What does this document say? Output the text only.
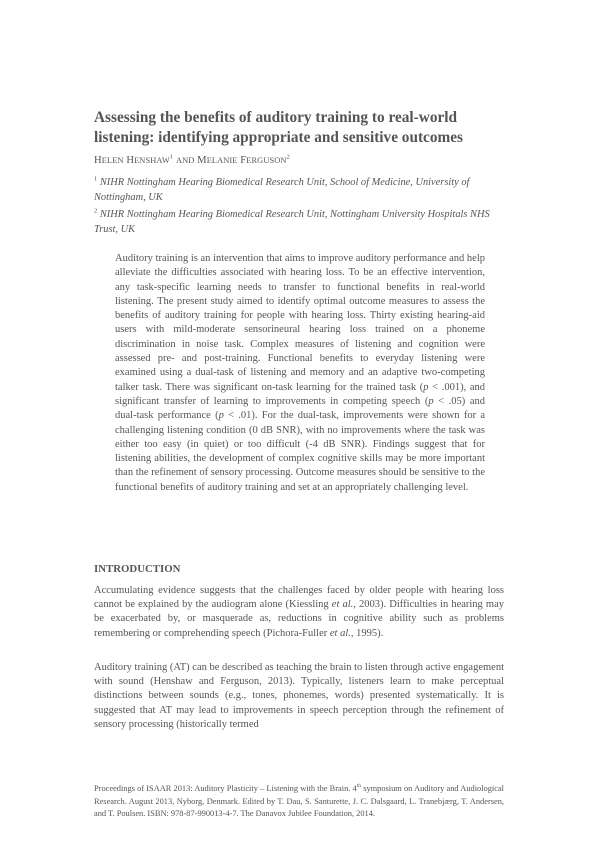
Assessing the benefits of auditory training to real-world listening: identifying appropriate and sensitive outcomes
HELEN HENSHAW$^1$ AND MELANIE FERGUSON$^2$
$^1$ NIHR Nottingham Hearing Biomedical Research Unit, School of Medicine, University of Nottingham, UK
$^2$ NIHR Nottingham Hearing Biomedical Research Unit, Nottingham University Hospitals NHS Trust, UK
Auditory training is an intervention that aims to improve auditory performance and help alleviate the difficulties associated with hearing loss. To be an effective intervention, any task-specific learning needs to transfer to functional benefits in real-world listening. The present study aimed to identify optimal outcome measures to assess the benefits of auditory training for people with hearing loss. Thirty existing hearing-aid users with mild-moderate sensorineural hearing loss trained on a phoneme discrimination in noise task. Complex measures of listening and cognition were assessed pre- and post-training. Functional benefits to everyday listening were examined using a dual-task of listening and memory and an adaptive two-competing talker task. There was significant on-task learning for the trained task (p < .001), and significant transfer of learning to improvements in competing speech (p < .05) and dual-task performance (p < .01). For the dual-task, improvements were shown for a challenging listening condition (0 dB SNR), with no improvements where the task was either too easy (in quiet) or too difficult (-4 dB SNR). Findings suggest that for listening abilities, the development of complex cognitive skills may be more important than the refinement of sensory processing. Outcome measures should be sensitive to the functional benefits of auditory training and set at an appropriately challenging level.
INTRODUCTION

Accumulating evidence suggests that the challenges faced by older people with hearing loss cannot be explained by the audiogram alone (Kiessling et al., 2003). Difficulties in hearing may be exacerbated by, or masquerade as, reductions in cognitive ability such as problems remembering or comprehending speech (Pichora-Fuller et al., 1995).

Auditory training (AT) can be described as teaching the brain to listen through active engagement with sound (Henshaw and Ferguson, 2013). Typically, listeners learn to make perceptual distinctions between sounds (e.g., tones, phonemes, words) presented systematically. It is suggested that AT may lead to improvements in speech perception through the refinement of sensory processing (historically termed

Proceedings of ISAAR 2013: Auditory Plasticity – Listening with the Brain. 4th symposium on Auditory and Audiological Research. August 2013, Nyborg, Denmark. Edited by T. Dau, S. Santurette, J. C. Dalsgaard, L. Tranebjærg, T. Andersen, and T. Poulsen. ISBN: 978-87-990013-4-7. The Danavox Jubilee Foundation, 2014.
